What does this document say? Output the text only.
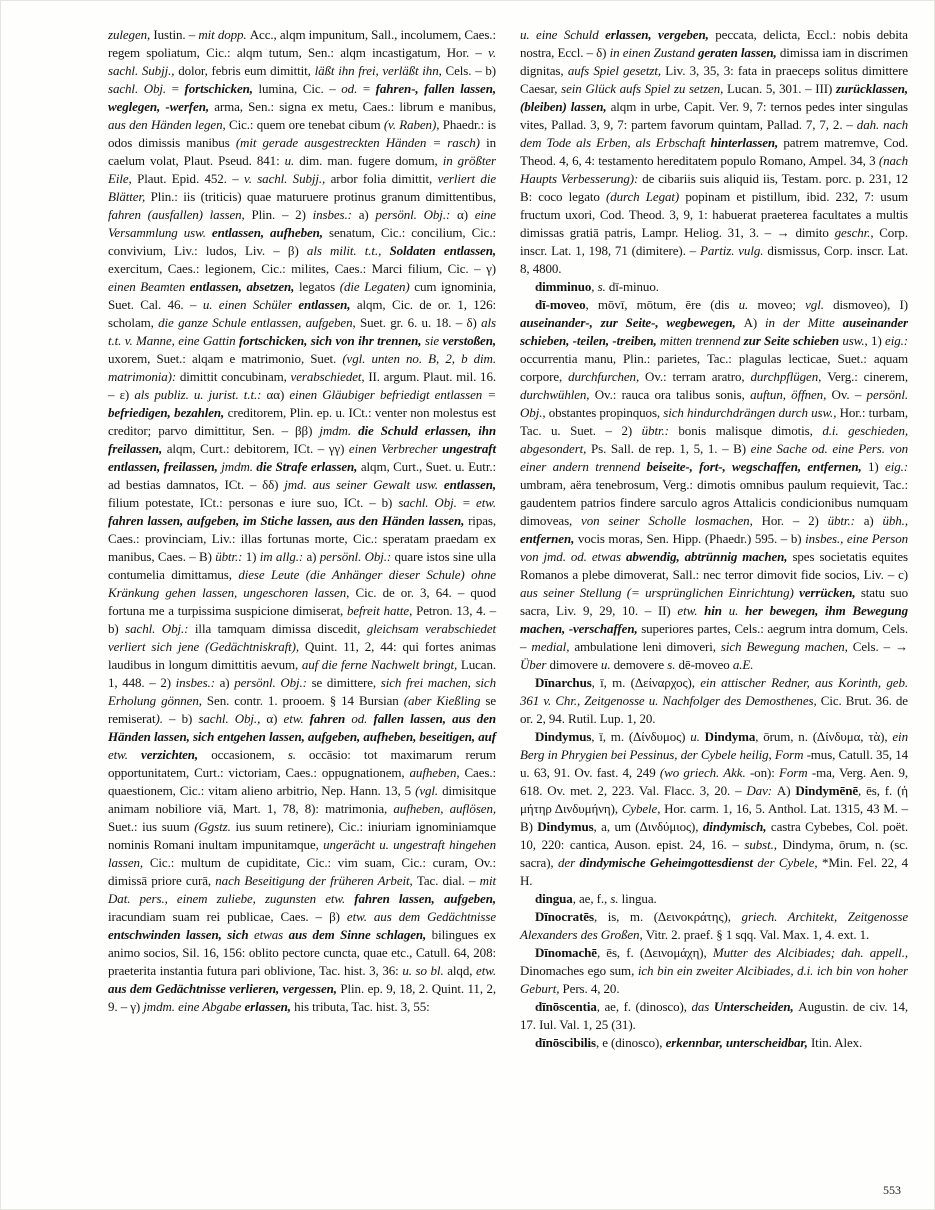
zulegen, Iustin. – mit dopp. Acc., alqm impunitum, Sall., incolumem, Caes.: regem spoliatum, Cic.: alqm tutum, Sen.: alqm incastigatum, Hor. – v. sachl. Subjj., dolor, febris eum dimittit, läßt ihn frei, verläßt ihn, Cels. – b) sachl. Obj. = fortschicken, lumina, Cic. – od. = fahren-, fallen lassen, weglegen, -werfen, arma, Sen.: signa ex metu, Caes.: librum e manibus, aus den Händen legen, Cic.: quem ore tenebat cibum (v. Raben), Phaedr.: is odos dimissis manibus (mit gerade ausgestreckten Händen = rasch) in caelum volat, Plaut. Pseud. 841: u. dim. man. fugere domum, in größter Eile, Plaut. Epid. 452. – v. sachl. Subjj., arbor folia dimittit, verliert die Blätter, Plin.: iis (triticis) quae maturuere protinus granum dimittentibus, fahren (ausfallen) lassen, Plin. – 2) insbes.: a) persönl. Obj.: α) eine Versammlung usw. entlassen, aufheben, senatum, Cic.: concilium, Cic.: convivium, Liv.: ludos, Liv. – β) als milit. t.t., Soldaten entlassen, exercitum, Caes.: legionem, Cic.: milites, Caes.: Marci filium, Cic. – γ) einen Beamten entlassen, absetzen, legatos (die Legaten) cum ignominia, Suet. Cal. 46. – u. einen Schüler entlassen, alqm, Cic. de or. 1, 126: scholam, die ganze Schule entlassen, aufgeben, Suet. gr. 6. u. 18. – δ) als t.t. v. Manne, eine Gattin fortschicken, sich von ihr trennen, sie verstoßen, uxorem, Suet.: alqam e matrimonio, Suet. (vgl. unten no. B, 2, b dim. matrimonia): dimittit concubinam, verabschiedet, II. argum. Plaut. mil. 16. – ε) als publiz. u. jurist. t.t.: αα) einen Gläubiger befriedigt entlassen = befriedigen, bezahlen, creditorem, Plin. ep. u. ICt.: venter non molestus est creditor; parvo dimittitur, Sen. – ββ) jmdm. die Schuld erlassen, ihn freilassen, alqm, Curt.: debitorem, ICt. – γγ) einen Verbrecher ungestraft entlassen, freilassen, jmdm. die Strafe erlassen, alqm, Curt., Suet. u. Eutr.: ad bestias damnatos, ICt. – δδ) jmd. aus seiner Gewalt usw. entlassen, filium potestate, ICt.: personas e iure suo, ICt. – b) sachl. Obj. = etw. fahren lassen, aufgeben, im Stiche lassen, aus den Händen lassen, ripas, Caes.: provinciam, Liv.: illas fortunas morte, Cic.: speratam praedam ex manibus, Caes. – B) übtr.: 1) im allg.: a) persönl. Obj.: quare istos sine ulla contumelia dimittamus, diese Leute (die Anhänger dieser Schule) ohne Kränkung gehen lassen, ungeschoren lassen, Cic. de or. 3, 64. – quod fortuna me a turpissima suspicione dimiserat, befreit hatte, Petron. 13, 4. – b) sachl. Obj.: illa tamquam dimissa discedit, gleichsam verabschiedet verliert sich jene (Gedächtniskraft), Quint. 11, 2, 44: qui fortes animas laudibus in longum dimittitis aevum, auf die ferne Nachwelt bringt, Lucan. 1, 448. – 2) insbes.: a) persönl. Obj.: se dimittere, sich frei machen, sich Erholung gönnen, Sen. contr. 1. prooem. § 14 Bursian (aber Kießling se remiserat). – b) sachl. Obj., α) etw. fahren od. fallen lassen, aus den Händen lassen, sich entgehen lassen, aufgeben, aufheben, beseitigen, auf etw. verzichten, occasionem, s. occāsio: tot maximarum rerum opportunitatem, Curt.: victoriam, Caes.: oppugnationem, aufheben, Caes.: quaestionem, Cic.: vitam alieno arbitrio, Nep. Hann. 13, 5 (vgl. dimisitque animam nobiliore viā, Mart. 1, 78, 8): matrimonia, aufheben, auflösen, Suet.: ius suum (Ggstz. ius suum retinere), Cic.: iniuriam ignominiamque nominis Romani inultam impunitamque, ungerächt u. ungestraft hingehen lassen, Cic.: multum de cupiditate, Cic.: vim suam, Cic.: curam, Ov.: dimissā priore curā, nach Beseitigung der früheren Arbeit, Tac. dial. – mit Dat. pers., einem zuliebe, zugunsten etw. fahren lassen, aufgeben, iracundiam suam rei publicae, Caes. – β) etw. aus dem Gedächtnisse entschwinden lassen, sich etwas aus dem Sinne schlagen, bilingues ex animo socios, Sil. 16, 156: oblito pectore cuncta, quae etc., Catull. 64, 208: praeterita instantia futura pari oblivione, Tac. hist. 3, 36: u. so bl. alqd, etw. aus dem Gedächtnisse verlieren, vergessen, Plin. ep. 9, 18, 2. Quint. 11, 2, 9. – γ) jmdm. eine Abgabe erlassen, his tributa, Tac. hist. 3, 55:

u. eine Schuld erlassen, vergeben, peccata, delicta, Eccl.: nobis debita nostra, Eccl. – δ) in einen Zustand geraten lassen, dimissa iam in discrimen dignitas, aufs Spiel gesetzt, Liv. 3, 35, 3: fata in praeceps solitus dimittere Caesar, sein Glück aufs Spiel zu setzen, Lucan. 5, 301. – III) zurücklassen, (bleiben) lassen, alqm in urbe, Capit. Ver. 9, 7: ternos pedes inter singulas vites, Pallad. 3, 9, 7: partem favorum quintam, Pallad. 7, 7, 2. – dah. nach dem Tode als Erben, als Erbschaft hinterlassen, patrem matremve, Cod. Theod. 4, 6, 4: testamento hereditatem populo Romano, Ampel. 34, 3 (nach Haupts Verbesserung): de cibariis suis aliquid iis, Testam. porc. p. 231, 12 B: coco legato (durch Legat) popinam et pistillum, ibid. 232, 7: usum fructum uxori, Cod. Theod. 3, 9, 1: habuerat praeterea facultates a multis dimissas gratiā patris, Lampr. Heliog. 31, 3. – → dimito geschr., Corp. inscr. Lat. 1, 198, 71 (dimitere). – Partiz. vulg. dismissus, Corp. inscr. Lat. 8, 4800.

dimminuo, s. dī-minuo.

dī-moveo, mōvī, mōtum, ēre (dis u. moveo; vgl. dismoveo), I) auseinander-, zur Seite-, wegbewegen, A) in der Mitte auseinander schieben, -teilen, -treiben, mitten trennend zur Seite schieben usw., 1) eig.: occurrentia manu, Plin.: parietes, Tac.: plagulas lecticae, Suet.: aquam corpore, durchfurchen, Ov.: terram aratro, durchpflügen, Verg.: cinerem, durchwühlen, Ov.: rauca ora talibus sonis, auftun, öffnen, Ov. – persönl. Obj., obstantes propinquos, sich hindurchdrängen durch usw., Hor.: turbam, Tac. u. Suet. – 2) übtr.: bonis malisque dimotis, d.i. geschieden, abgesondert, Ps. Sall. de rep. 1, 5, 1. – B) eine Sache od. eine Pers. von einer andern trennend beiseite-, fort-, wegschaffen, entfernen, 1) eig.: umbram, aëra tenebrosum, Verg.: dimotis omnibus paulum requievit, Tac.: gaudentem patrios findere sarculo agros Attalicis condicionibus numquam dimoveas, von seiner Scholle losmachen, Hor. – 2) übtr.: a) übh., entfernen, vocis moras, Sen. Hipp. (Phaedr.) 595. – b) insbes., eine Person von jmd. od. etwas abwendig, abtrünnig machen, spes societatis equites Romanos a plebe dimoverat, Sall.: nec terror dimovit fide socios, Liv. – c) aus seiner Stellung (= ursprünglichen Einrichtung) verrücken, statu suo sacra, Liv. 9, 29, 10. – II) etw. hin u. her bewegen, ihm Bewegung machen, -verschaffen, superiores partes, Cels.: aegrum intra domum, Cels. – medial, ambulatione leni dimoveri, sich Bewegung machen, Cels. – → Über dimovere u. demovere s. dē-moveo a.E.

Dīnarchus, ī, m. (Δείναρχος), ein attischer Redner, aus Korinth, geb. 361 v. Chr., Zeitgenosse u. Nachfolger des Demosthenes, Cic. Brut. 36. de or. 2, 94. Rutil. Lup. 1, 20.

Dindymus, ī, m. (Δίνδυμος) u. Dindyma, ōrum, n. (Δίνδυμα, τὰ), ein Berg in Phrygien bei Pessinus, der Cybele heilig, Form -mus, Catull. 35, 14 u. 63, 91. Ov. fast. 4, 249 (wo griech. Akk. -on): Form -ma, Verg. Aen. 9, 618. Ov. met. 2, 223. Val. Flacc. 3, 20. – Dav: A) Dindymēnē, ēs, f. (ἡ μήτηρ Δινδυμήνη), Cybele, Hor. carm. 1, 16, 5. Anthol. Lat. 1315, 43 M. – B) Dindymus, a, um (Δινδύμιος), dindymisch, castra Cybebes, Col. poët. 10, 220: cantica, Auson. epist. 24, 16. – subst., Dindyma, ōrum, n. (sc. sacra), der dindymische Geheimgottesdienst der Cybele, *Min. Fel. 22, 4 H.

dingua, ae, f., s. lingua.

Dīnocratēs, is, m. (Δεινοκράτης), griech. Architekt, Zeitgenosse Alexanders des Großen, Vitr. 2. praef. § 1 sqq. Val. Max. 1, 4. ext. 1.

Dīnomachē, ēs, f. (Δεινομάχη), Mutter des Alcibiades; dah. appell., Dinomaches ego sum, ich bin ein zweiter Alcibiades, d.i. ich bin von hoher Geburt, Pers. 4, 20.

dīnōscentia, ae, f. (dinosco), das Unterscheiden, Augustin. de civ. 14, 17. Iul. Val. 1, 25 (31).

dīnōscibilis, e (dinosco), erkennbar, unterscheidbar, Itin. Alex.

553
